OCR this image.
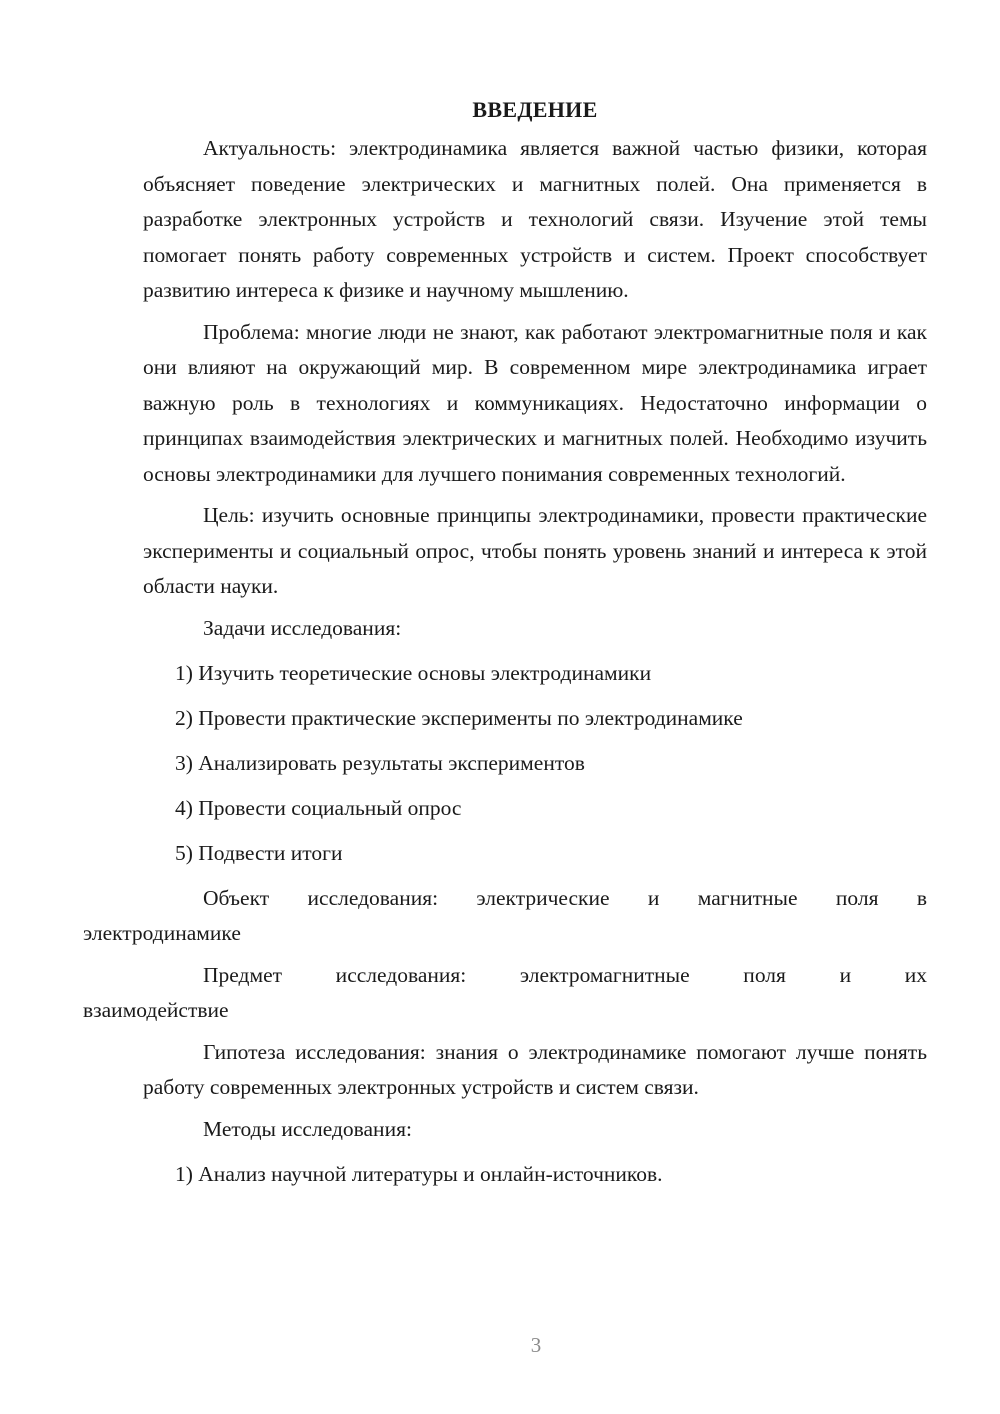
ВВЕДЕНИЕ

Актуальность: электродинамика является важной частью физики, которая объясняет поведение электрических и магнитных полей. Она применяется в разработке электронных устройств и технологий связи. Изучение этой темы помогает понять работу современных устройств и систем. Проект способствует развитию интереса к физике и научному мышлению.

Проблема: многие люди не знают, как работают электромагнитные поля и как они влияют на окружающий мир. В современном мире электродинамика играет важную роль в технологиях и коммуникациях. Недостаточно информации о принципах взаимодействия электрических и магнитных полей. Необходимо изучить основы электродинамики для лучшего понимания современных технологий.

Цель: изучить основные принципы электродинамики, провести практические эксперименты и социальный опрос, чтобы понять уровень знаний и интереса к этой области науки.

Задачи исследования:
1) Изучить теоретические основы электродинамики
2) Провести практические эксперименты по электродинамике
3) Анализировать результаты экспериментов
4) Провести социальный опрос
5) Подвести итоги

Объект исследования: электрические и магнитные поля в
электродинамике

Предмет исследования: электромагнитные поля и их
взаимодействие

Гипотеза исследования: знания о электродинамике помогают лучше понять работу современных электронных устройств и систем связи.

Методы исследования:
1) Анализ научной литературы и онлайн-источников.
3
